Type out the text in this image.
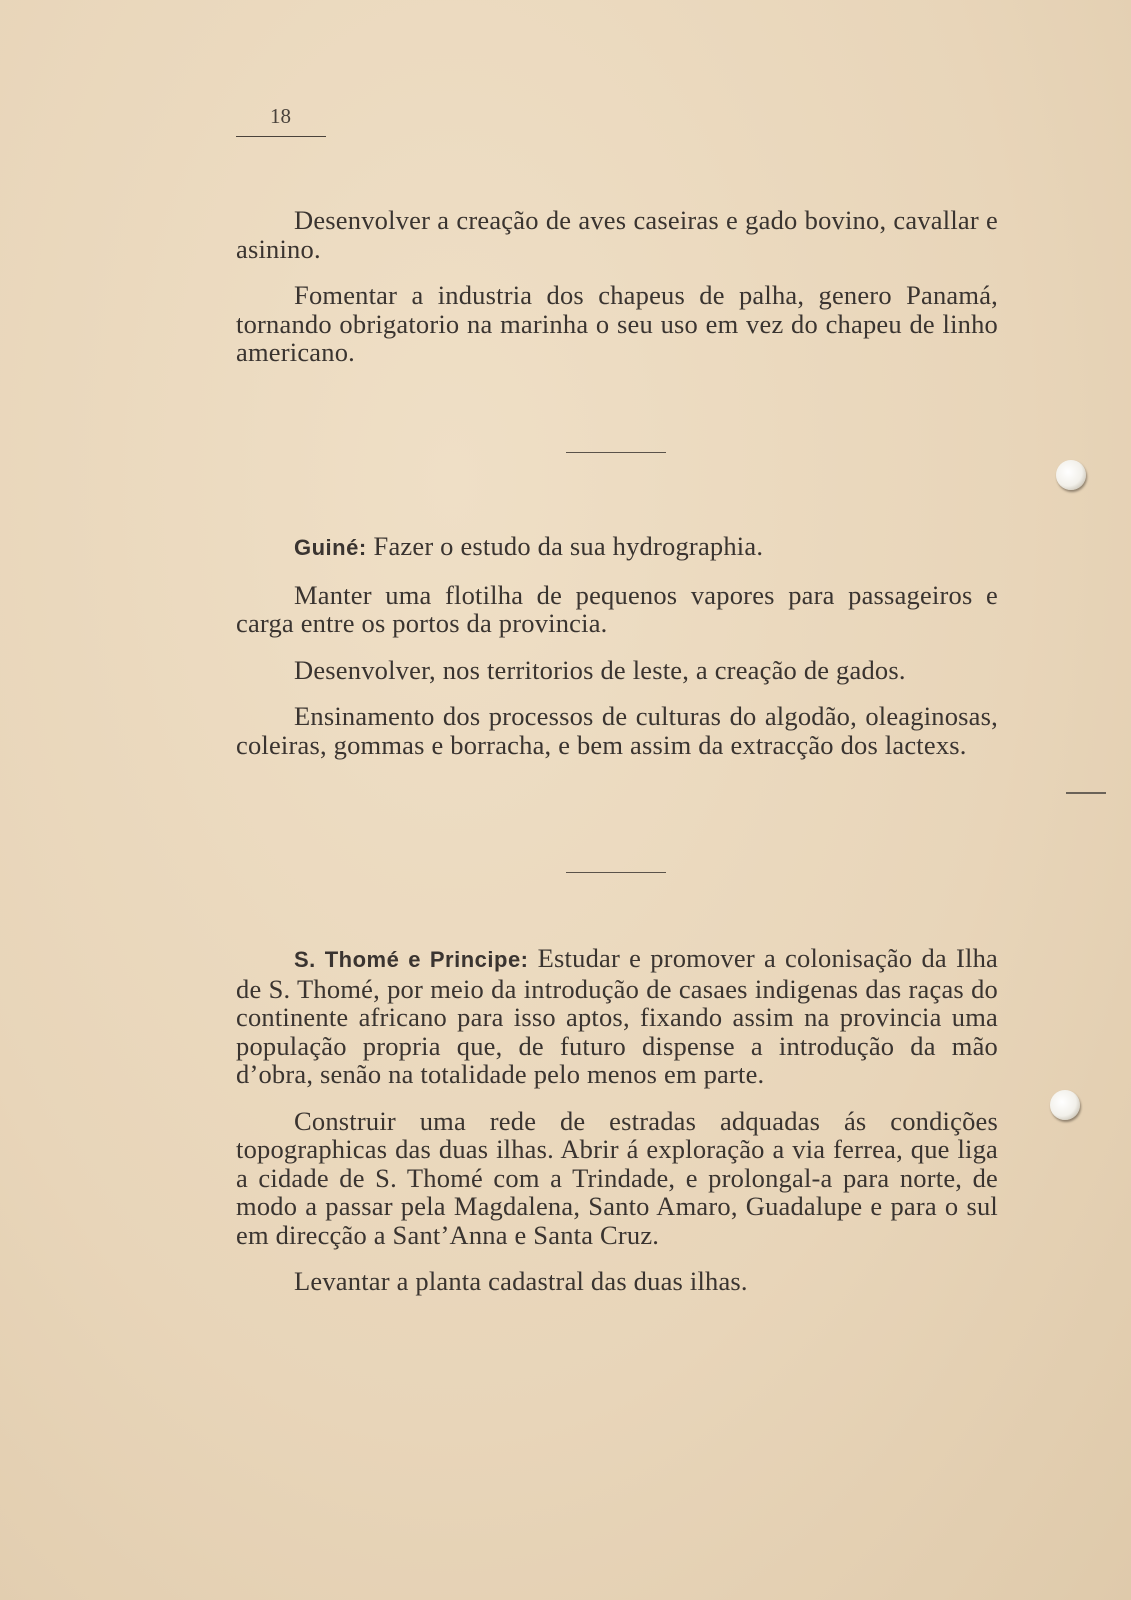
18

Desenvolver a creação de aves caseiras e gado bovino, cavallar e asinino.

Fomentar a industria dos chapeus de palha, genero Panamá, tornando obrigatorio na marinha o seu uso em vez do chapeu de linho americano.

Guiné: Fazer o estudo da sua hydrographia.

Manter uma flotilha de pequenos vapores para passageiros e carga entre os portos da provincia.

Desenvolver, nos territorios de leste, a creação de gados.

Ensinamento dos processos de culturas do algodão, oleaginosas, coleiras, gommas e borracha, e bem assim da extracção dos lactexs.

S. Thomé e Principe: Estudar e promover a colonisação da Ilha de S. Thomé, por meio da introdução de casaes indigenas das raças do continente africano para isso aptos, fixando assim na provincia uma população propria que, de futuro dispense a introdução da mão d’obra, senão na totalidade pelo menos em parte.

Construir uma rede de estradas adquadas ás condições topographicas das duas ilhas. Abrir á exploração a via ferrea, que liga a cidade de S. Thomé com a Trindade, e prolongal-a para norte, de modo a passar pela Magdalena, Santo Amaro, Guadalupe e para o sul em direcção a Sant’Anna e Santa Cruz.

Levantar a planta cadastral das duas ilhas.
